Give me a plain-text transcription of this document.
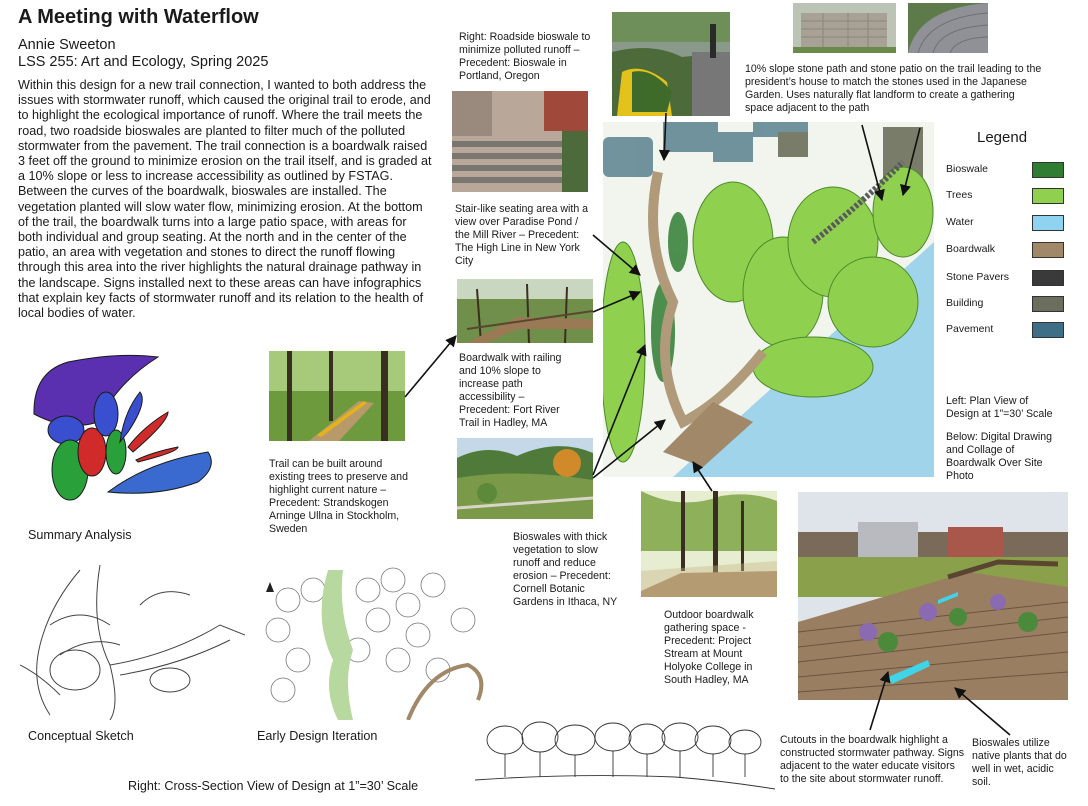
A Meeting with Waterflow
Annie Sweeton
LSS 255: Art and Ecology, Spring 2025
Within this design for a new trail connection, I wanted to both address the issues with stormwater runoff, which caused the original trail to erode, and to highlight the ecological importance of runoff. Where the trail meets the road, two roadside bioswales are planted to filter much of the polluted stormwater from the pavement. The trail connection is a boardwalk raised 3 feet off the ground to minimize erosion on the trail itself, and is graded at a 10% slope or less to increase accessibility as outlined by FSTAG. Between the curves of the boardwalk, bioswales are installed. The vegetation planted will slow water flow, minimizing erosion. At the bottom of the trail, the boardwalk turns into a large patio space, with areas for both individual and group seating. At the north and in the center of the patio, an area with vegetation and stones to direct the runoff flowing through this area into the river highlights the natural drainage pathway in the landscape. Signs installed next to these areas can have infographics that explain key facts of stormwater runoff and its relation to the health of local bodies of water.
Right: Roadside bioswale to minimize polluted runoff – Precedent: Bioswale in Portland, Oregon
10% slope stone path and stone patio on the trail leading to the president’s house to match the stones used in the Japanese Garden. Uses naturally flat landform to create a gathering space adjacent to the path
Stair-like seating area with a view over Paradise Pond / the Mill River – Precedent: The High Line in New York City
Boardwalk with railing and 10% slope to increase path accessibility – Precedent: Fort River Trail in Hadley, MA
Bioswales with thick vegetation to slow runoff and reduce erosion – Precedent: Cornell Botanic Gardens in Ithaca, NY
Trail can be built around existing trees to preserve and highlight current nature – Precedent: Strandskogen Arninge Ullna in Stockholm, Sweden
Outdoor boardwalk gathering space - Precedent: Project Stream at Mount Holyoke College in South Hadley, MA
Left: Plan View of Design at 1”=30’ Scale
Below: Digital Drawing and Collage of Boardwalk Over Site Photo
Legend
Bioswale
Trees
Water
Boardwalk
Stone Pavers
Building
Pavement
Summary Analysis
Conceptual Sketch	Early Design Iteration
Right: Cross-Section View of Design at 1”=30’ Scale
Cutouts in the boardwalk highlight a constructed stormwater pathway. Signs adjacent to the water educate visitors to the site about stormwater runoff.
Bioswales utilize native plants that do well in wet, acidic soil.
